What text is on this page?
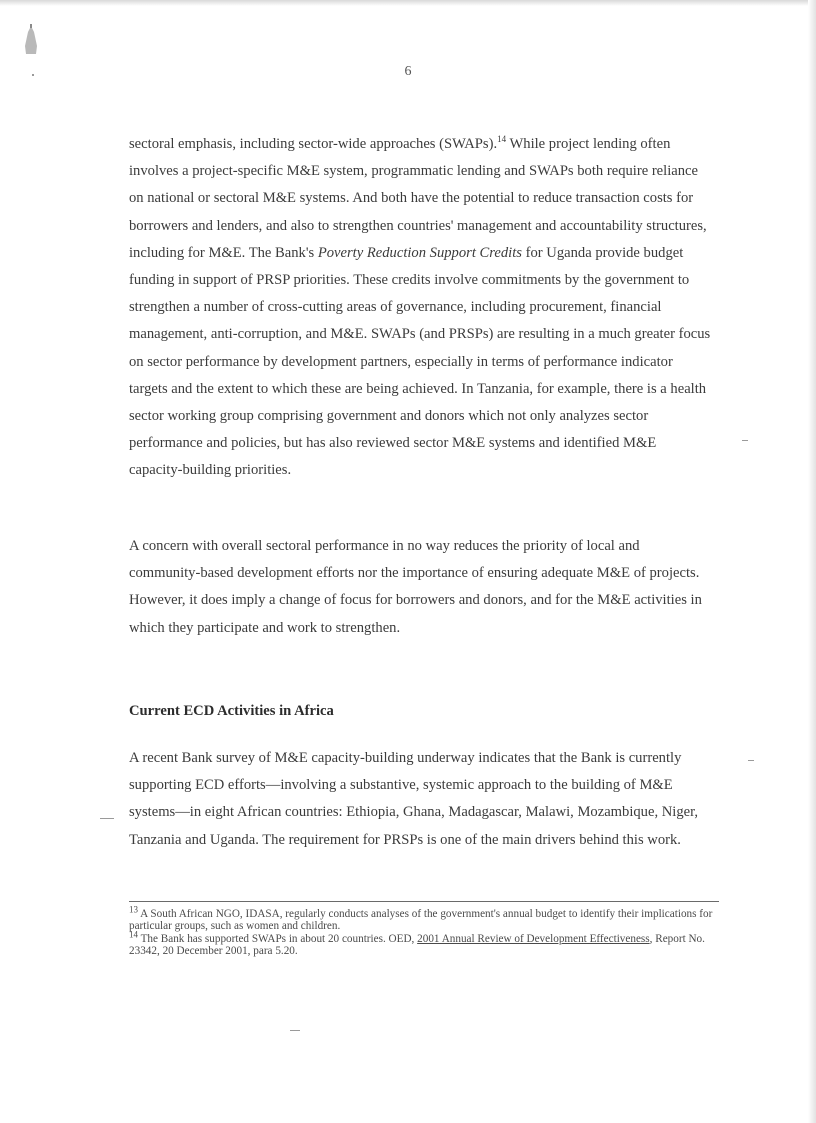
6

sectoral emphasis, including sector-wide approaches (SWAPs).$^{14}$ While project lending often involves a project-specific M&E system, programmatic lending and SWAPs both require reliance on national or sectoral M&E systems. And both have the potential to reduce transaction costs for borrowers and lenders, and also to strengthen countries' management and accountability structures, including for M&E. The Bank's Poverty Reduction Support Credits for Uganda provide budget funding in support of PRSP priorities. These credits involve commitments by the government to strengthen a number of cross-cutting areas of governance, including procurement, financial management, anti-corruption, and M&E. SWAPs (and PRSPs) are resulting in a much greater focus on sector performance by development partners, especially in terms of performance indicator targets and the extent to which these are being achieved. In Tanzania, for example, there is a health sector working group comprising government and donors which not only analyzes sector performance and policies, but has also reviewed sector M&E systems and identified M&E capacity-building priorities.

A concern with overall sectoral performance in no way reduces the priority of local and community-based development efforts nor the importance of ensuring adequate M&E of projects. However, it does imply a change of focus for borrowers and donors, and for the M&E activities in which they participate and work to strengthen.

Current ECD Activities in Africa

A recent Bank survey of M&E capacity-building underway indicates that the Bank is currently supporting ECD efforts—involving a substantive, systemic approach to the building of M&E systems—in eight African countries: Ethiopia, Ghana, Madagascar, Malawi, Mozambique, Niger, Tanzania and Uganda. The requirement for PRSPs is one of the main drivers behind this work.

$^{13}$ A South African NGO, IDASA, regularly conducts analyses of the government's annual budget to identify their implications for particular groups, such as women and children.

$^{14}$ The Bank has supported SWAPs in about 20 countries. OED, 2001 Annual Review of Development Effectiveness, Report No. 23342, 20 December 2001, para 5.20.
